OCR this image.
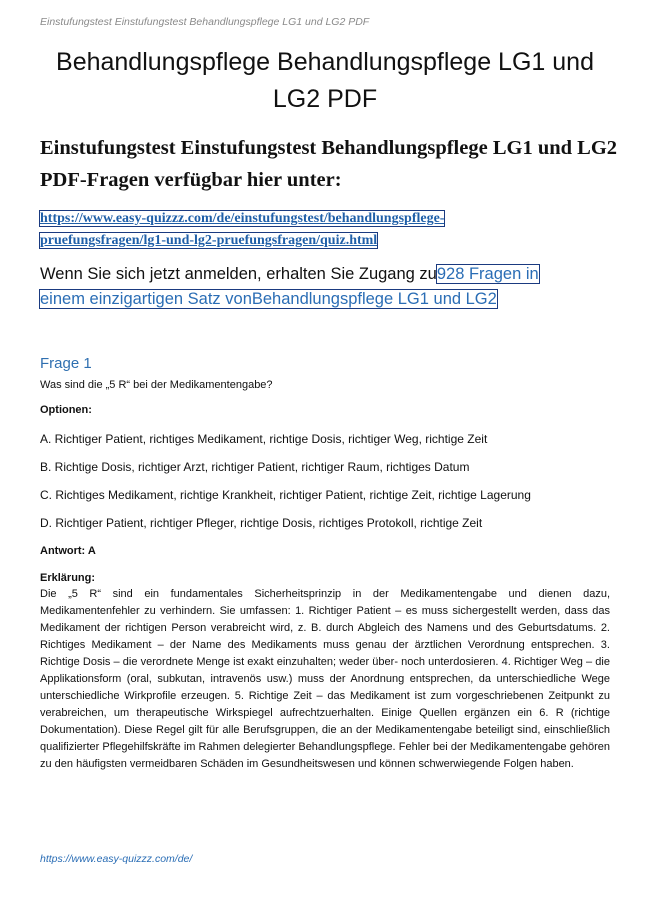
Einstufungstest Einstufungstest Behandlungspflege LG1 und LG2 PDF
Behandlungspflege Behandlungspflege LG1 und LG2 PDF
Einstufungstest Einstufungstest Behandlungspflege LG1 und LG2 PDF-Fragen verfügbar hier unter:
https://www.easy-quizzz.com/de/einstufungstest/behandlungspflege-
pruefungsfragen/lg1-und-lg2-pruefungsfragen/quiz.html
Wenn Sie sich jetzt anmelden, erhalten Sie Zugang zu928 Fragen in
einem einzigartigen Satz vonBehandlungspflege LG1 und LG2
Frage 1
Was sind die „5 R“ bei der Medikamentengabe?
Optionen:
A. Richtiger Patient, richtiges Medikament, richtige Dosis, richtiger Weg, richtige Zeit
B. Richtige Dosis, richtiger Arzt, richtiger Patient, richtiger Raum, richtiges Datum
C. Richtiges Medikament, richtige Krankheit, richtiger Patient, richtige Zeit, richtige Lagerung
D. Richtiger Patient, richtiger Pfleger, richtige Dosis, richtiges Protokoll, richtige Zeit
Antwort: A
Erklärung:

Die „5 R“ sind ein fundamentales Sicherheitsprinzip in der Medikamentengabe und dienen dazu, Medikamentenfehler zu verhindern. Sie umfassen: 1. Richtiger Patient – es muss sichergestellt werden, dass das Medikament der richtigen Person verabreicht wird, z. B. durch Abgleich des Namens und des Geburtsdatums. 2. Richtiges Medikament – der Name des Medikaments muss genau der ärztlichen Verordnung entsprechen. 3. Richtige Dosis – die verordnete Menge ist exakt einzuhalten; weder über- noch unterdosieren. 4. Richtiger Weg – die Applikationsform (oral, subkutan, intravenös usw.) muss der Anordnung entsprechen, da unterschiedliche Wege unterschiedliche Wirkprofile erzeugen. 5. Richtige Zeit – das Medikament ist zum vorgeschriebenen Zeitpunkt zu verabreichen, um therapeutische Wirkspiegel aufrechtzuerhalten. Einige Quellen ergänzen ein 6. R (richtige Dokumentation). Diese Regel gilt für alle Berufsgruppen, die an der Medikamentengabe beteiligt sind, einschließlich qualifizierter Pflegehilfskräfte im Rahmen delegierter Behandlungspflege. Fehler bei der Medikamentengabe gehören zu den häufigsten vermeidbaren Schäden im Gesundheitswesen und können schwerwiegende Folgen haben.

https://www.easy-quizzz.com/de/
